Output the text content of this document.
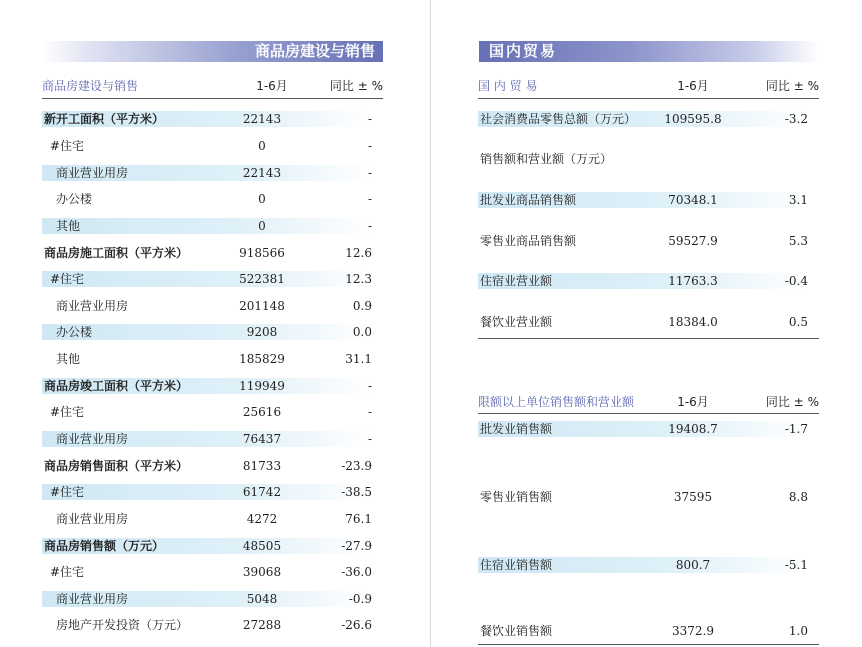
商品房建设与销售
商品房建设与销售	1-6月	同比 ± %
新开工面积（平方米）	22143	-
#住宅	0	-
商业营业用房	22143	-
办公楼	0	-
其他	0	-
商品房施工面积（平方米）	918566	12.6
#住宅	522381	12.3
商业营业用房	201148	0.9
办公楼	9208	0.0
其他	185829	31.1
商品房竣工面积（平方米）	119949	-
#住宅	25616	-
商业营业用房	76437	-
商品房销售面积（平方米）	81733	-23.9
#住宅	61742	-38.5
商业营业用房	4272	76.1
商品房销售额（万元）	48505	-27.9
#住宅	39068	-36.0
商业营业用房	5048	-0.9
房地产开发投资（万元）	27288	-26.6
国内贸易
国 内 贸 易	1-6月	同比 ± %
社会消费品零售总额（万元）	109595.8	-3.2
销售额和营业额（万元）
批发业商品销售额	70348.1	3.1
零售业商品销售额	59527.9	5.3
住宿业营业额	11763.3	-0.4
餐饮业营业额	18384.0	0.5
限额以上单位销售额和营业额	1-6月	同比 ± %
批发业销售额	19408.7	-1.7
零售业销售额	37595	8.8
住宿业销售额	800.7	-5.1
餐饮业销售额	3372.9	1.0
